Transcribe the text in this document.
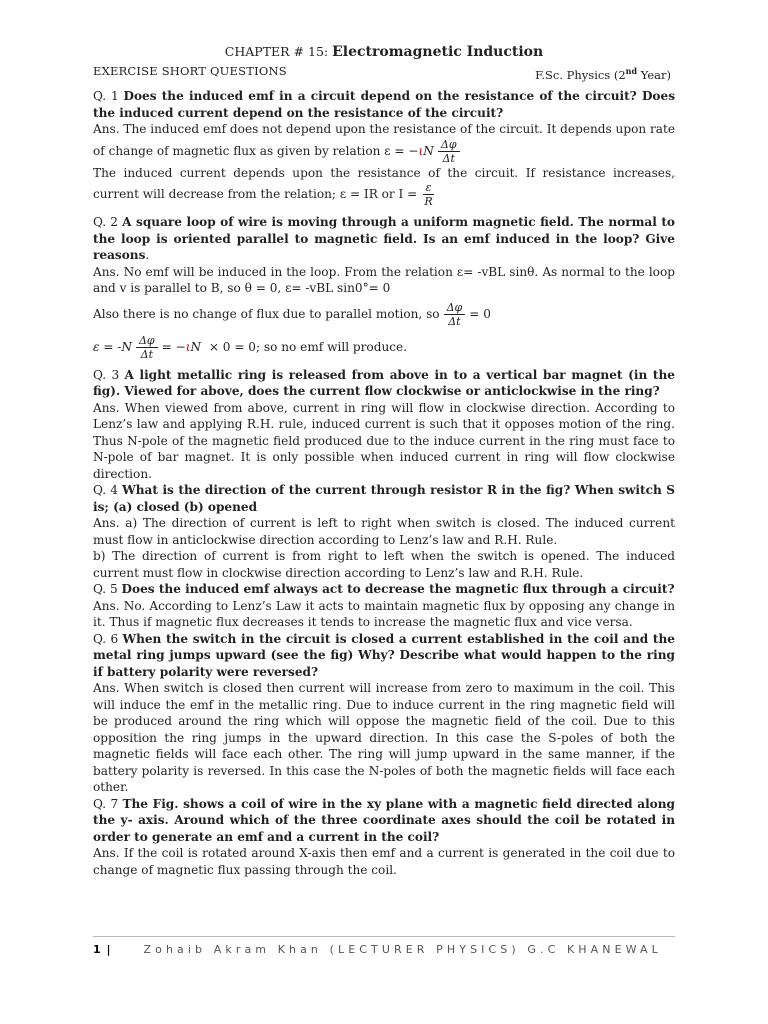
CHAPTER # 15: Electromagnetic Induction
EXERCISE SHORT QUESTIONS	F.Sc. Physics (2nd Year)

Q. 1 Does the induced emf in a circuit depend on the resistance of the circuit? Does the induced current depend on the resistance of the circuit?

Ans. The induced emf does not depend upon the resistance of the circuit. It depends upon rate of change of magnetic flux as given by relation $\varepsilon = -\iota N \frac{\Delta\varphi}{\Delta t}$

The induced current depends upon the resistance of the circuit. If resistance increases, current will decrease from the relation; ε = IR or $I = \frac{\varepsilon}{R}$

Q. 2 A square loop of wire is moving through a uniform magnetic field. The normal to the loop is oriented parallel to magnetic field. Is an emf induced in the loop? Give reasons.

Ans. No emf will be induced in the loop. From the relation ε= -vBL sinθ. As normal to the loop and v is parallel to B, so θ = 0, ε= -vBL sin0°= 0

Also there is no change of flux due to parallel motion, so $\frac{\Delta\varphi}{\Delta t} = 0$

$\varepsilon = -N \frac{\Delta\varphi}{\Delta t} = -\iota N \times 0 = 0$; so no emf will produce.

Q. 3 A light metallic ring is released from above in to a vertical bar magnet (in the fig). Viewed for above, does the current flow clockwise or anticlockwise in the ring?

Ans. When viewed from above, current in ring will flow in clockwise direction. According to Lenz’s law and applying R.H. rule, induced current is such that it opposes motion of the ring. Thus N-pole of the magnetic field produced due to the induce current in the ring must face to N-pole of bar magnet. It is only possible when induced current in ring will flow clockwise direction.

Q. 4 What is the direction of the current through resistor R in the fig? When switch S is; (a) closed (b) opened

Ans. a) The direction of current is left to right when switch is closed. The induced current must flow in anticlockwise direction according to Lenz’s law and R.H. Rule.

b) The direction of current is from right to left when the switch is opened. The induced current must flow in clockwise direction according to Lenz’s law and R.H. Rule.

Q. 5 Does the induced emf always act to decrease the magnetic flux through a circuit?

Ans. No. According to Lenz’s Law it acts to maintain magnetic flux by opposing any change in it. Thus if magnetic flux decreases it tends to increase the magnetic flux and vice versa.

Q. 6 When the switch in the circuit is closed a current established in the coil and the metal ring jumps upward (see the fig) Why? Describe what would happen to the ring if battery polarity were reversed?

Ans. When switch is closed then current will increase from zero to maximum in the coil. This will induce the emf in the metallic ring. Due to induce current in the ring magnetic field will be produced around the ring which will oppose the magnetic field of the coil. Due to this opposition the ring jumps in the upward direction. In this case the S-poles of both the magnetic fields will face each other. The ring will jump upward in the same manner, if the battery polarity is reversed. In this case the N-poles of both the magnetic fields will face each other.

Q. 7 The Fig. shows a coil of wire in the xy plane with a magnetic field directed along the y- axis. Around which of the three coordinate axes should the coil be rotated in order to generate an emf and a current in the coil?

Ans. If the coil is rotated around X-axis then emf and a current is generated in the coil due to change of magnetic flux passing through the coil.

1 |	Zohaib Akram Khan (LECTURER PHYSICS) G.C KHANEWAL
